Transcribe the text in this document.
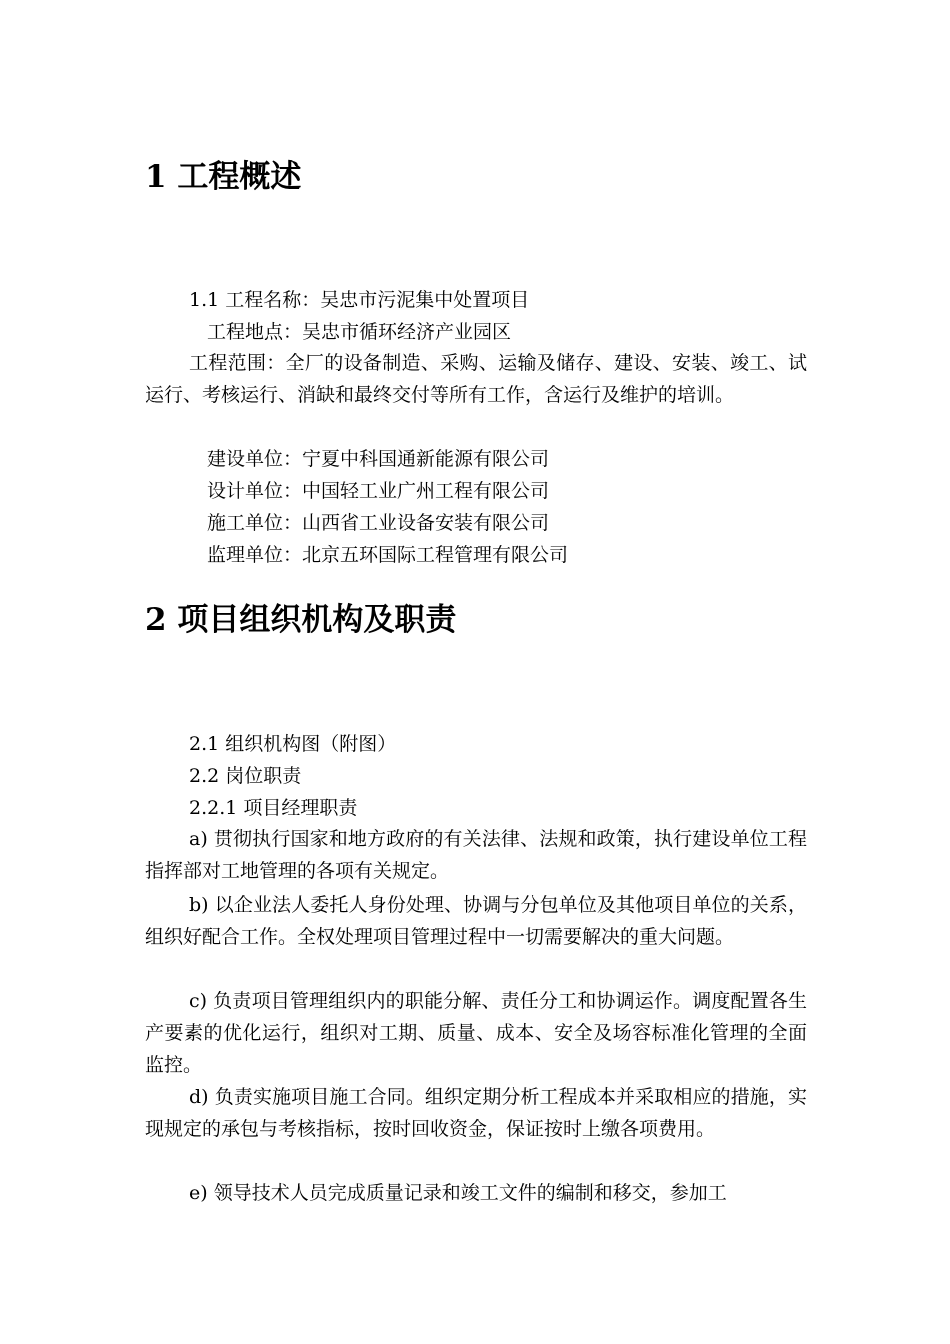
1 工程概述

1.1 工程名称：吴忠市污泥集中处置项目

工程地点：吴忠市循环经济产业园区

工程范围：全厂的设备制造、采购、运输及储存、建设、安装、竣工、试运行、考核运行、消缺和最终交付等所有工作，含运行及维护的培训。

建设单位：宁夏中科国通新能源有限公司

设计单位：中国轻工业广州工程有限公司

施工单位：山西省工业设备安装有限公司

监理单位：北京五环国际工程管理有限公司

2 项目组织机构及职责

2.1 组织机构图（附图）

2.2 岗位职责

2.2.1 项目经理职责

a) 贯彻执行国家和地方政府的有关法律、法规和政策，执行建设单位工程指挥部对工地管理的各项有关规定。

b) 以企业法人委托人身份处理、协调与分包单位及其他项目单位的关系，组织好配合工作。全权处理项目管理过程中一切需要解决的重大问题。

c) 负责项目管理组织内的职能分解、责任分工和协调运作。调度配置各生产要素的优化运行，组织对工期、质量、成本、安全及场容标准化管理的全面监控。

d) 负责实施项目施工合同。组织定期分析工程成本并采取相应的措施，实现规定的承包与考核指标，按时回收资金，保证按时上缴各项费用。

e) 领导技术人员完成质量记录和竣工文件的编制和移交，参加工
